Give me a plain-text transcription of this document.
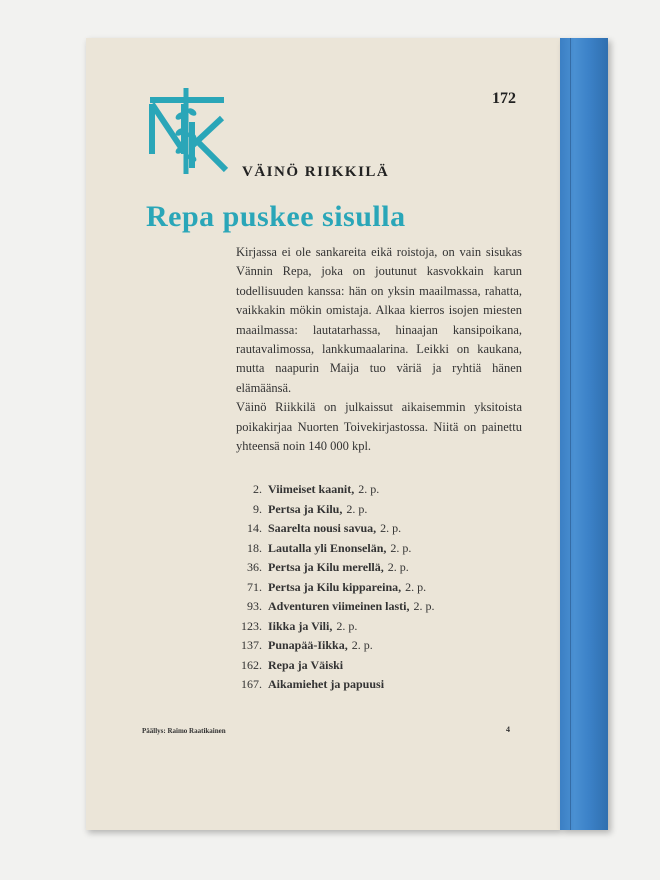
172
VÄINÖ RIIKKILÄ
Repa puskee sisulla

Kirjassa ei ole sankareita eikä roistoja, on vain sisukas Vännin Repa, joka on joutunut kasvokkain karun todellisuuden kanssa: hän on yksin maailmassa, rahatta, vaikkakin mökin omistaja. Alkaa kierros isojen miesten maailmassa: lautatarhassa, hinaajan kansipoikana, rautavalimossa, lankkumaalarina. Leikki on kaukana, mutta naapurin Maija tuo väriä ja ryhtiä hänen elämäänsä.

Väinö Riikkilä on julkaissut aikaisemmin yksitoista poikakirjaa Nuorten Toivekirjastossa. Niitä on painettu yhteensä noin 140 000 kpl.

2. Viimeiset kaanit, 2. p.
9. Pertsa ja Kilu, 2. p.
14. Saarelta nousi savua, 2. p.
18. Lautalla yli Enonselän, 2. p.
36. Pertsa ja Kilu merellä, 2. p.
71. Pertsa ja Kilu kippareina, 2. p.
93. Adventuren viimeinen lasti, 2. p.
123. Iikka ja Vili, 2. p.
137. Punapää-Iikka, 2. p.
162. Repa ja Väiski
167. Aikamiehet ja papuusi
Päällys: Raimo Raatikainen	4
